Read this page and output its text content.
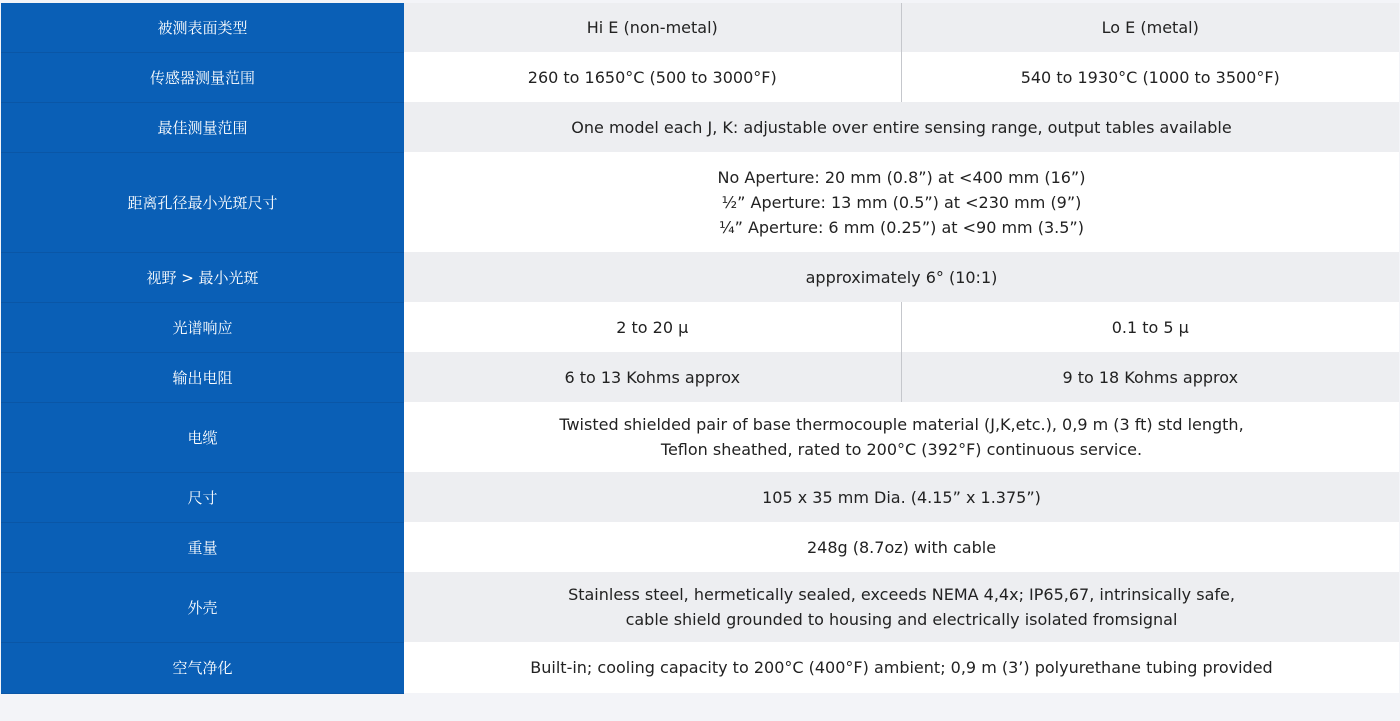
被测表面类型	Hi E (non-metal)	Lo E (metal)
传感器测量范围	260 to 1650°C (500 to 3000°F)	540 to 1930°C (1000 to 3500°F)
最佳测量范围	One model each J, K: adjustable over entire sensing range, output tables available	
距离孔径最小光斑尺寸	No Aperture: 20 mm (0.8”) at <400 mm (16”)
½” Aperture: 13 mm (0.5”) at <230 mm (9”)
¼” Aperture: 6 mm (0.25”) at <90 mm (3.5”)	

视野 > 最小光斑	approximately 6° (10:1)	
光谱响应	2 to 20 μ	0.1 to 5 μ
输出电阻	6 to 13 Kohms approx	9 to 18 Kohms approx
电缆	Twisted shielded pair of base thermocouple material (J,K,etc.), 0,9 m (3 ft) std length,
Teflon sheathed, rated to 200°C (392°F) continuous service.	

尺寸	105 x 35 mm Dia. (4.15” x 1.375”)	
重量	248g (8.7oz) with cable	
外壳	Stainless steel, hermetically sealed, exceeds NEMA 4,4x; IP65,67, intrinsically safe,
cable shield grounded to housing and electrically isolated fromsignal	

空气净化	Built-in; cooling capacity to 200°C (400°F) ambient; 0,9 m (3’) polyurethane tubing provided	
